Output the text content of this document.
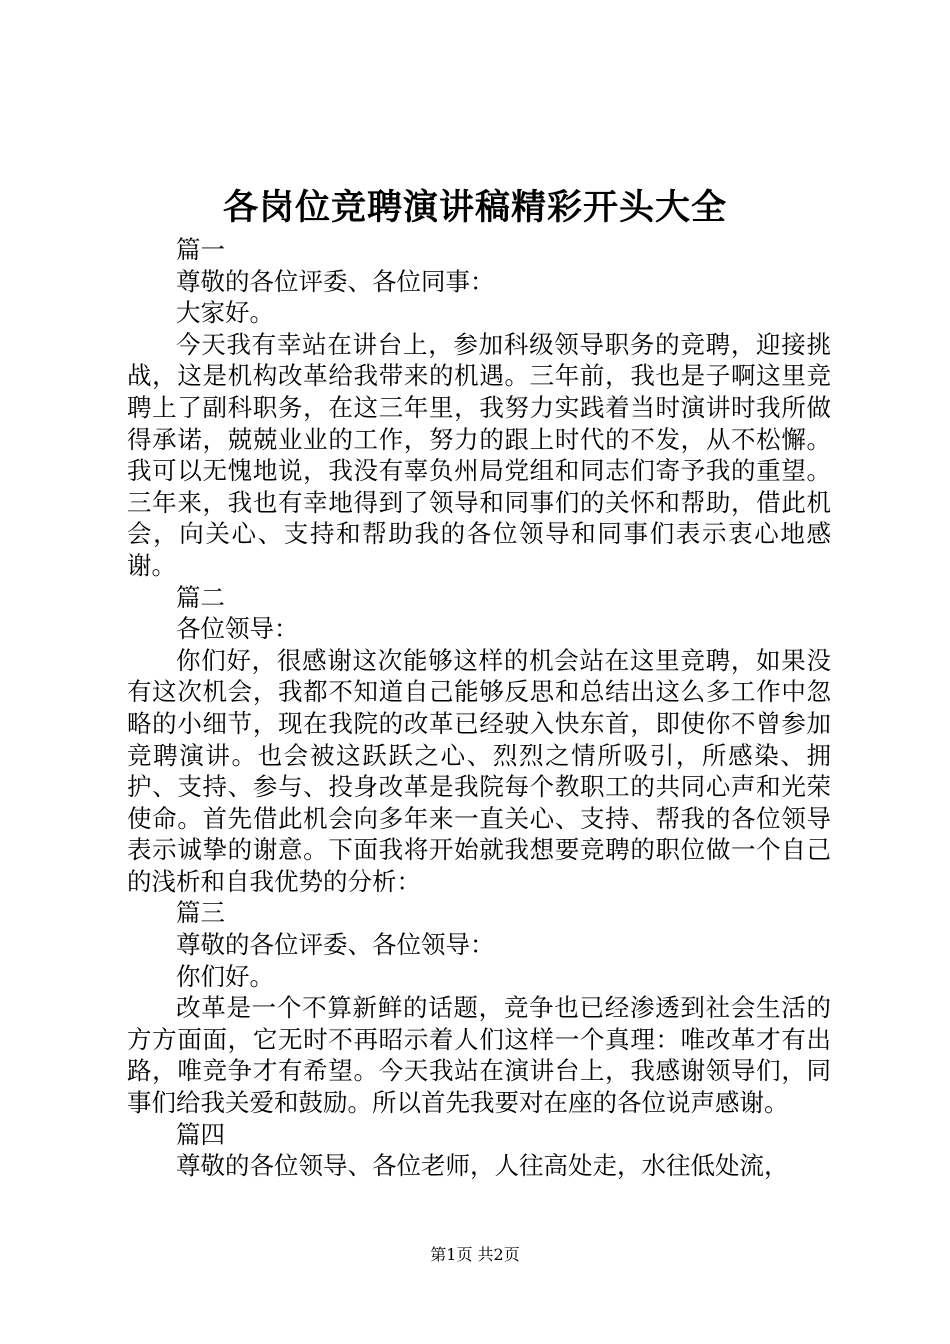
各岗位竞聘演讲稿精彩开头大全

篇一

尊敬的各位评委、各位同事：

大家好。

今天我有幸站在讲台上，参加科级领导职务的竞聘，迎接挑战，这是机构改革给我带来的机遇。三年前，我也是子啊这里竞聘上了副科职务，在这三年里，我努力实践着当时演讲时我所做得承诺，兢兢业业的工作，努力的跟上时代的不发，从不松懈。我可以无愧地说，我没有辜负州局党组和同志们寄予我的重望。三年来，我也有幸地得到了领导和同事们的关怀和帮助，借此机会，向关心、支持和帮助我的各位领导和同事们表示衷心地感谢。

篇二

各位领导：

你们好，很感谢这次能够这样的机会站在这里竞聘，如果没有这次机会，我都不知道自己能够反思和总结出这么多工作中忽略的小细节，现在我院的改革已经驶入快东首，即使你不曾参加竞聘演讲。也会被这跃跃之心、烈烈之情所吸引，所感染、拥护、支持、参与、投身改革是我院每个教职工的共同心声和光荣使命。首先借此机会向多年来一直关心、支持、帮我的各位领导表示诚挚的谢意。下面我将开始就我想要竞聘的职位做一个自己的浅析和自我优势的分析：

篇三

尊敬的各位评委、各位领导：

你们好。

改革是一个不算新鲜的话题，竞争也已经渗透到社会生活的方方面面，它无时不再昭示着人们这样一个真理：唯改革才有出路，唯竞争才有希望。今天我站在演讲台上，我感谢领导们，同事们给我关爱和鼓励。所以首先我要对在座的各位说声感谢。

篇四

尊敬的各位领导、各位老师，人往高处走，水往低处流，

第1页 共2页
